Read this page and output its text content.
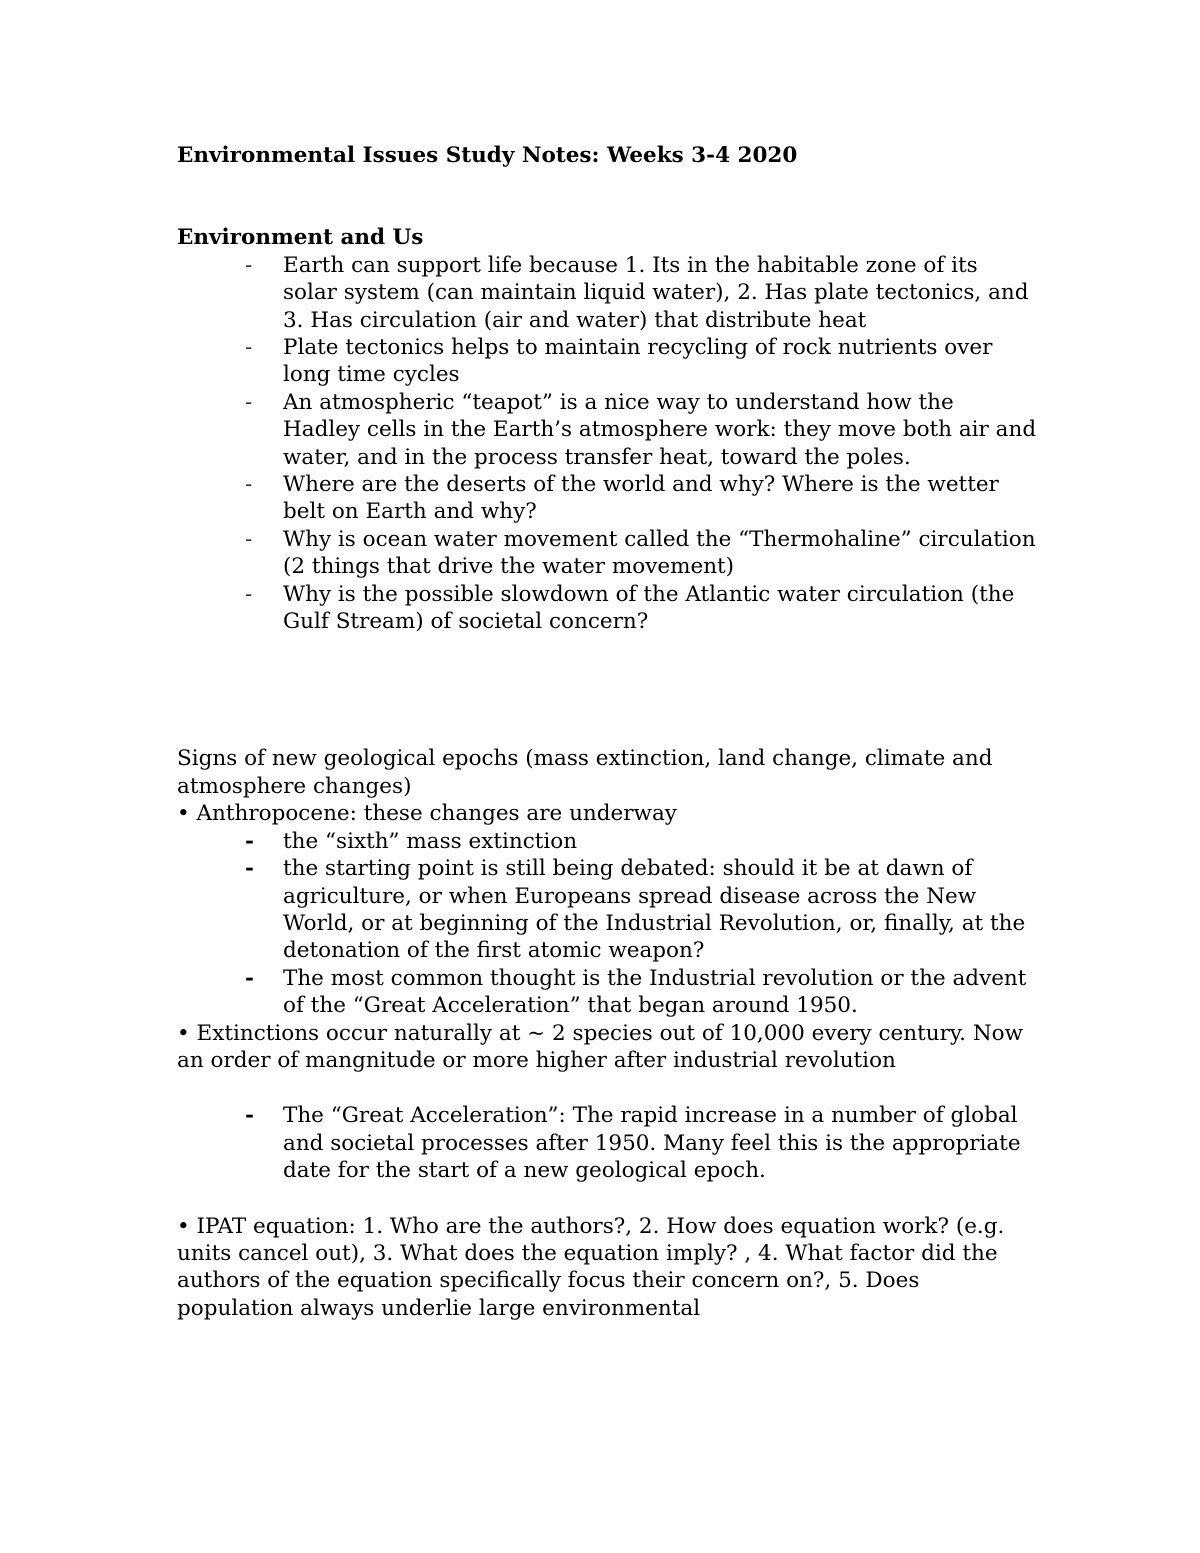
Environmental Issues Study Notes: Weeks 3-4 2020

Environment and Us

- Earth can support life because 1. Its in the habitable zone of its solar system (can maintain liquid water), 2. Has plate tectonics, and 3. Has circulation (air and water) that distribute heat
- Plate tectonics helps to maintain recycling of rock nutrients over long time cycles
- An atmospheric “teapot” is a nice way to understand how the Hadley cells in the Earth’s atmosphere work: they move both air and water, and in the process transfer heat, toward the poles.
- Where are the deserts of the world and why? Where is the wetter belt on Earth and why?
- Why is ocean water movement called the “Thermohaline” circulation (2 things that drive the water movement)
- Why is the possible slowdown of the Atlantic water circulation (the Gulf Stream) of societal concern?

Signs of new geological epochs (mass extinction, land change, climate and atmosphere changes)

• Anthropocene: these changes are underway

- the “sixth” mass extinction
- the starting point is still being debated: should it be at dawn of agriculture, or when Europeans spread disease across the New World, or at beginning of the Industrial Revolution, or, finally, at the detonation of the first atomic weapon?
- The most common thought is the Industrial revolution or the advent of the “Great Acceleration” that began around 1950.

• Extinctions occur naturally at ~ 2 species out of 10,000 every century. Now an order of mangnitude or more higher after industrial revolution

- The “Great Acceleration”: The rapid increase in a number of global and societal processes after 1950. Many feel this is the appropriate date for the start of a new geological epoch.

• IPAT equation: 1. Who are the authors?, 2. How does equation work? (e.g. units cancel out), 3. What does the equation imply? , 4. What factor did the authors of the equation specifically focus their concern on?, 5. Does population always underlie large environmental
